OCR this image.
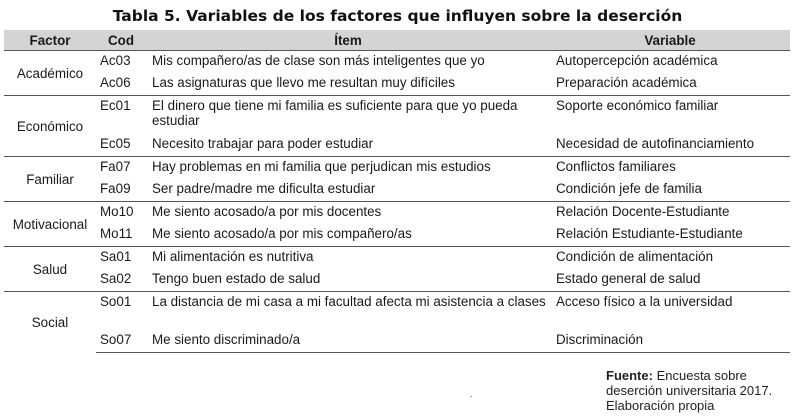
Tabla 5. Variables de los factores que influyen sobre la deserción
Factor	Cod	Ítem	Variable
Académico	Ac03	Mis compañero/as de clase son más inteligentes que yo	Autopercepción académica
	Ac06	Las asignaturas que llevo me resultan muy difíciles	Preparación académica
Económico	Ec01	El dinero que tiene mi familia es suficiente para que yo pueda estudiar	Soporte económico familiar
	Ec05	Necesito trabajar para poder estudiar	Necesidad de autofinanciamiento
Familiar	Fa07	Hay problemas en mi familia que perjudican mis estudios	Conflictos familiares
	Fa09	Ser padre/madre me dificulta estudiar	Condición jefe de familia
Motivacional	Mo10	Me siento acosado/a por mis docentes	Relación Docente-Estudiante
	Mo11	Me siento acosado/a por mis compañero/as	Relación Estudiante-Estudiante
Salud	Sa01	Mi alimentación es nutritiva	Condición de alimentación
	Sa02	Tengo buen estado de salud	Estado general de salud
Social	So01	La distancia de mi casa a mi facultad afecta mi asistencia a clases	Acceso físico a la universidad
	So07	Me siento discriminado/a	Discriminación
.
Fuente: Encuesta sobre
deserción universitaria 2017.
Elaboración propia
